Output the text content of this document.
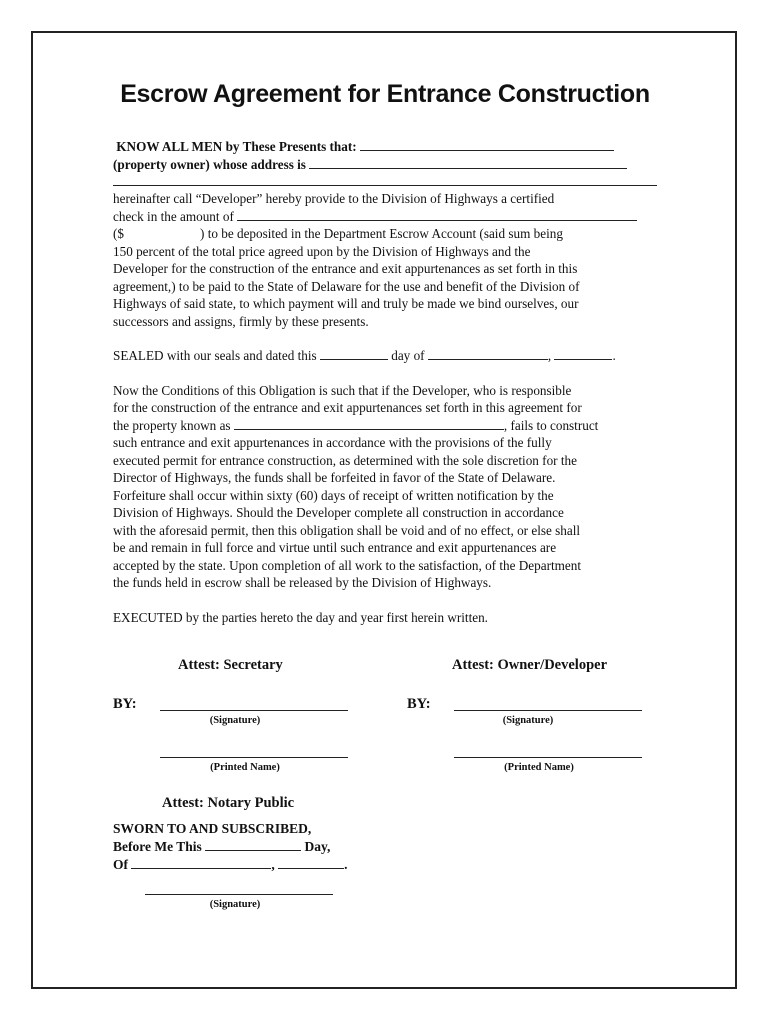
Escrow Agreement for Entrance Construction

KNOW ALL MEN by These Presents that:

(property owner) whose address is

hereinafter call “Developer” hereby provide to the Division of Highways a certified

check in the amount of

($	) to be deposited in the Department Escrow Account (said sum being

150 percent of the total price agreed upon by the Division of Highways and the

Developer for the construction of the entrance and exit appurtenances as set forth in this

agreement,) to be paid to the State of Delaware for the use and benefit of the Division of

Highways of said state, to which payment will and truly be made we bind ourselves, our

successors and assigns, firmly by these presents.

SEALED with our seals and dated this	day of	,	.

Now the Conditions of this Obligation is such that if the Developer, who is responsible

for the construction of the entrance and exit appurtenances set forth in this agreement for

the property known as	, fails to construct

such entrance and exit appurtenances in accordance with the provisions of the fully

executed permit for entrance construction, as determined with the sole discretion for the

Director of Highways, the funds shall be forfeited in favor of the State of Delaware.

Forfeiture shall occur within sixty (60) days of receipt of written notification by the

Division of Highways. Should the Developer complete all construction in accordance

with the aforesaid permit, then this obligation shall be void and of no effect, or else shall

be and remain in full force and virtue until such entrance and exit appurtenances are

accepted by the state. Upon completion of all work to the satisfaction, of the Department

the funds held in escrow shall be released by the Division of Highways.

EXECUTED by the parties hereto the day and year first herein written.

Attest: Secretary	Attest: Owner/Developer
BY:
(Signature)
(Printed Name)
BY:
(Signature)
(Printed Name)
Attest: Notary Public
SWORN TO AND SUBSCRIBED,
Before Me This	Day,
Of	,	.
(Signature)
